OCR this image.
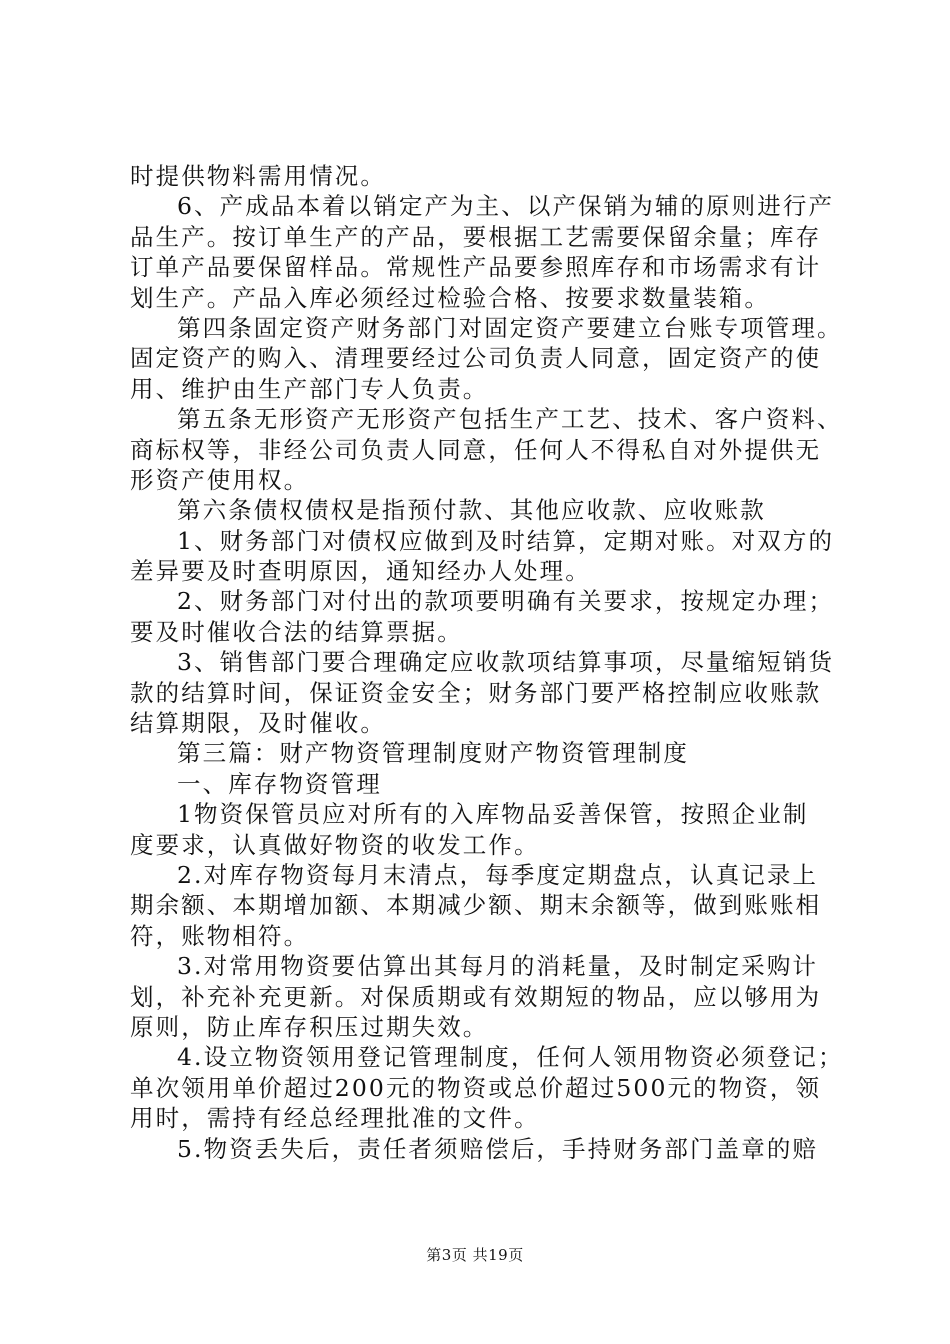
时提供物料需用情况。
6、产成品本着以销定产为主、以产保销为辅的原则进行产
品生产。按订单生产的产品，要根据工艺需要保留余量；库存
订单产品要保留样品。常规性产品要参照库存和市场需求有计
划生产。产品入库必须经过检验合格、按要求数量装箱。
第四条固定资产财务部门对固定资产要建立台账专项管理。
固定资产的购入、清理要经过公司负责人同意，固定资产的使
用、维护由生产部门专人负责。
第五条无形资产无形资产包括生产工艺、技术、客户资料、
商标权等，非经公司负责人同意，任何人不得私自对外提供无
形资产使用权。
第六条债权债权是指预付款、其他应收款、应收账款
1、财务部门对债权应做到及时结算，定期对账。对双方的
差异要及时查明原因，通知经办人处理。
2、财务部门对付出的款项要明确有关要求，按规定办理；
要及时催收合法的结算票据。
3、销售部门要合理确定应收款项结算事项，尽量缩短销货
款的结算时间，保证资金安全；财务部门要严格控制应收账款
结算期限，及时催收。
第三篇：财产物资管理制度财产物资管理制度
一、库存物资管理
1物资保管员应对所有的入库物品妥善保管，按照企业制
度要求，认真做好物资的收发工作。
2.对库存物资每月末清点，每季度定期盘点，认真记录上
期余额、本期增加额、本期减少额、期末余额等，做到账账相
符，账物相符。
3.对常用物资要估算出其每月的消耗量，及时制定采购计
划，补充补充更新。对保质期或有效期短的物品，应以够用为
原则，防止库存积压过期失效。
4.设立物资领用登记管理制度，任何人领用物资必须登记；
单次领用单价超过200元的物资或总价超过500元的物资，领
用时，需持有经总经理批准的文件。
5.物资丢失后，责任者须赔偿后，手持财务部门盖章的赔
第3页 共19页
